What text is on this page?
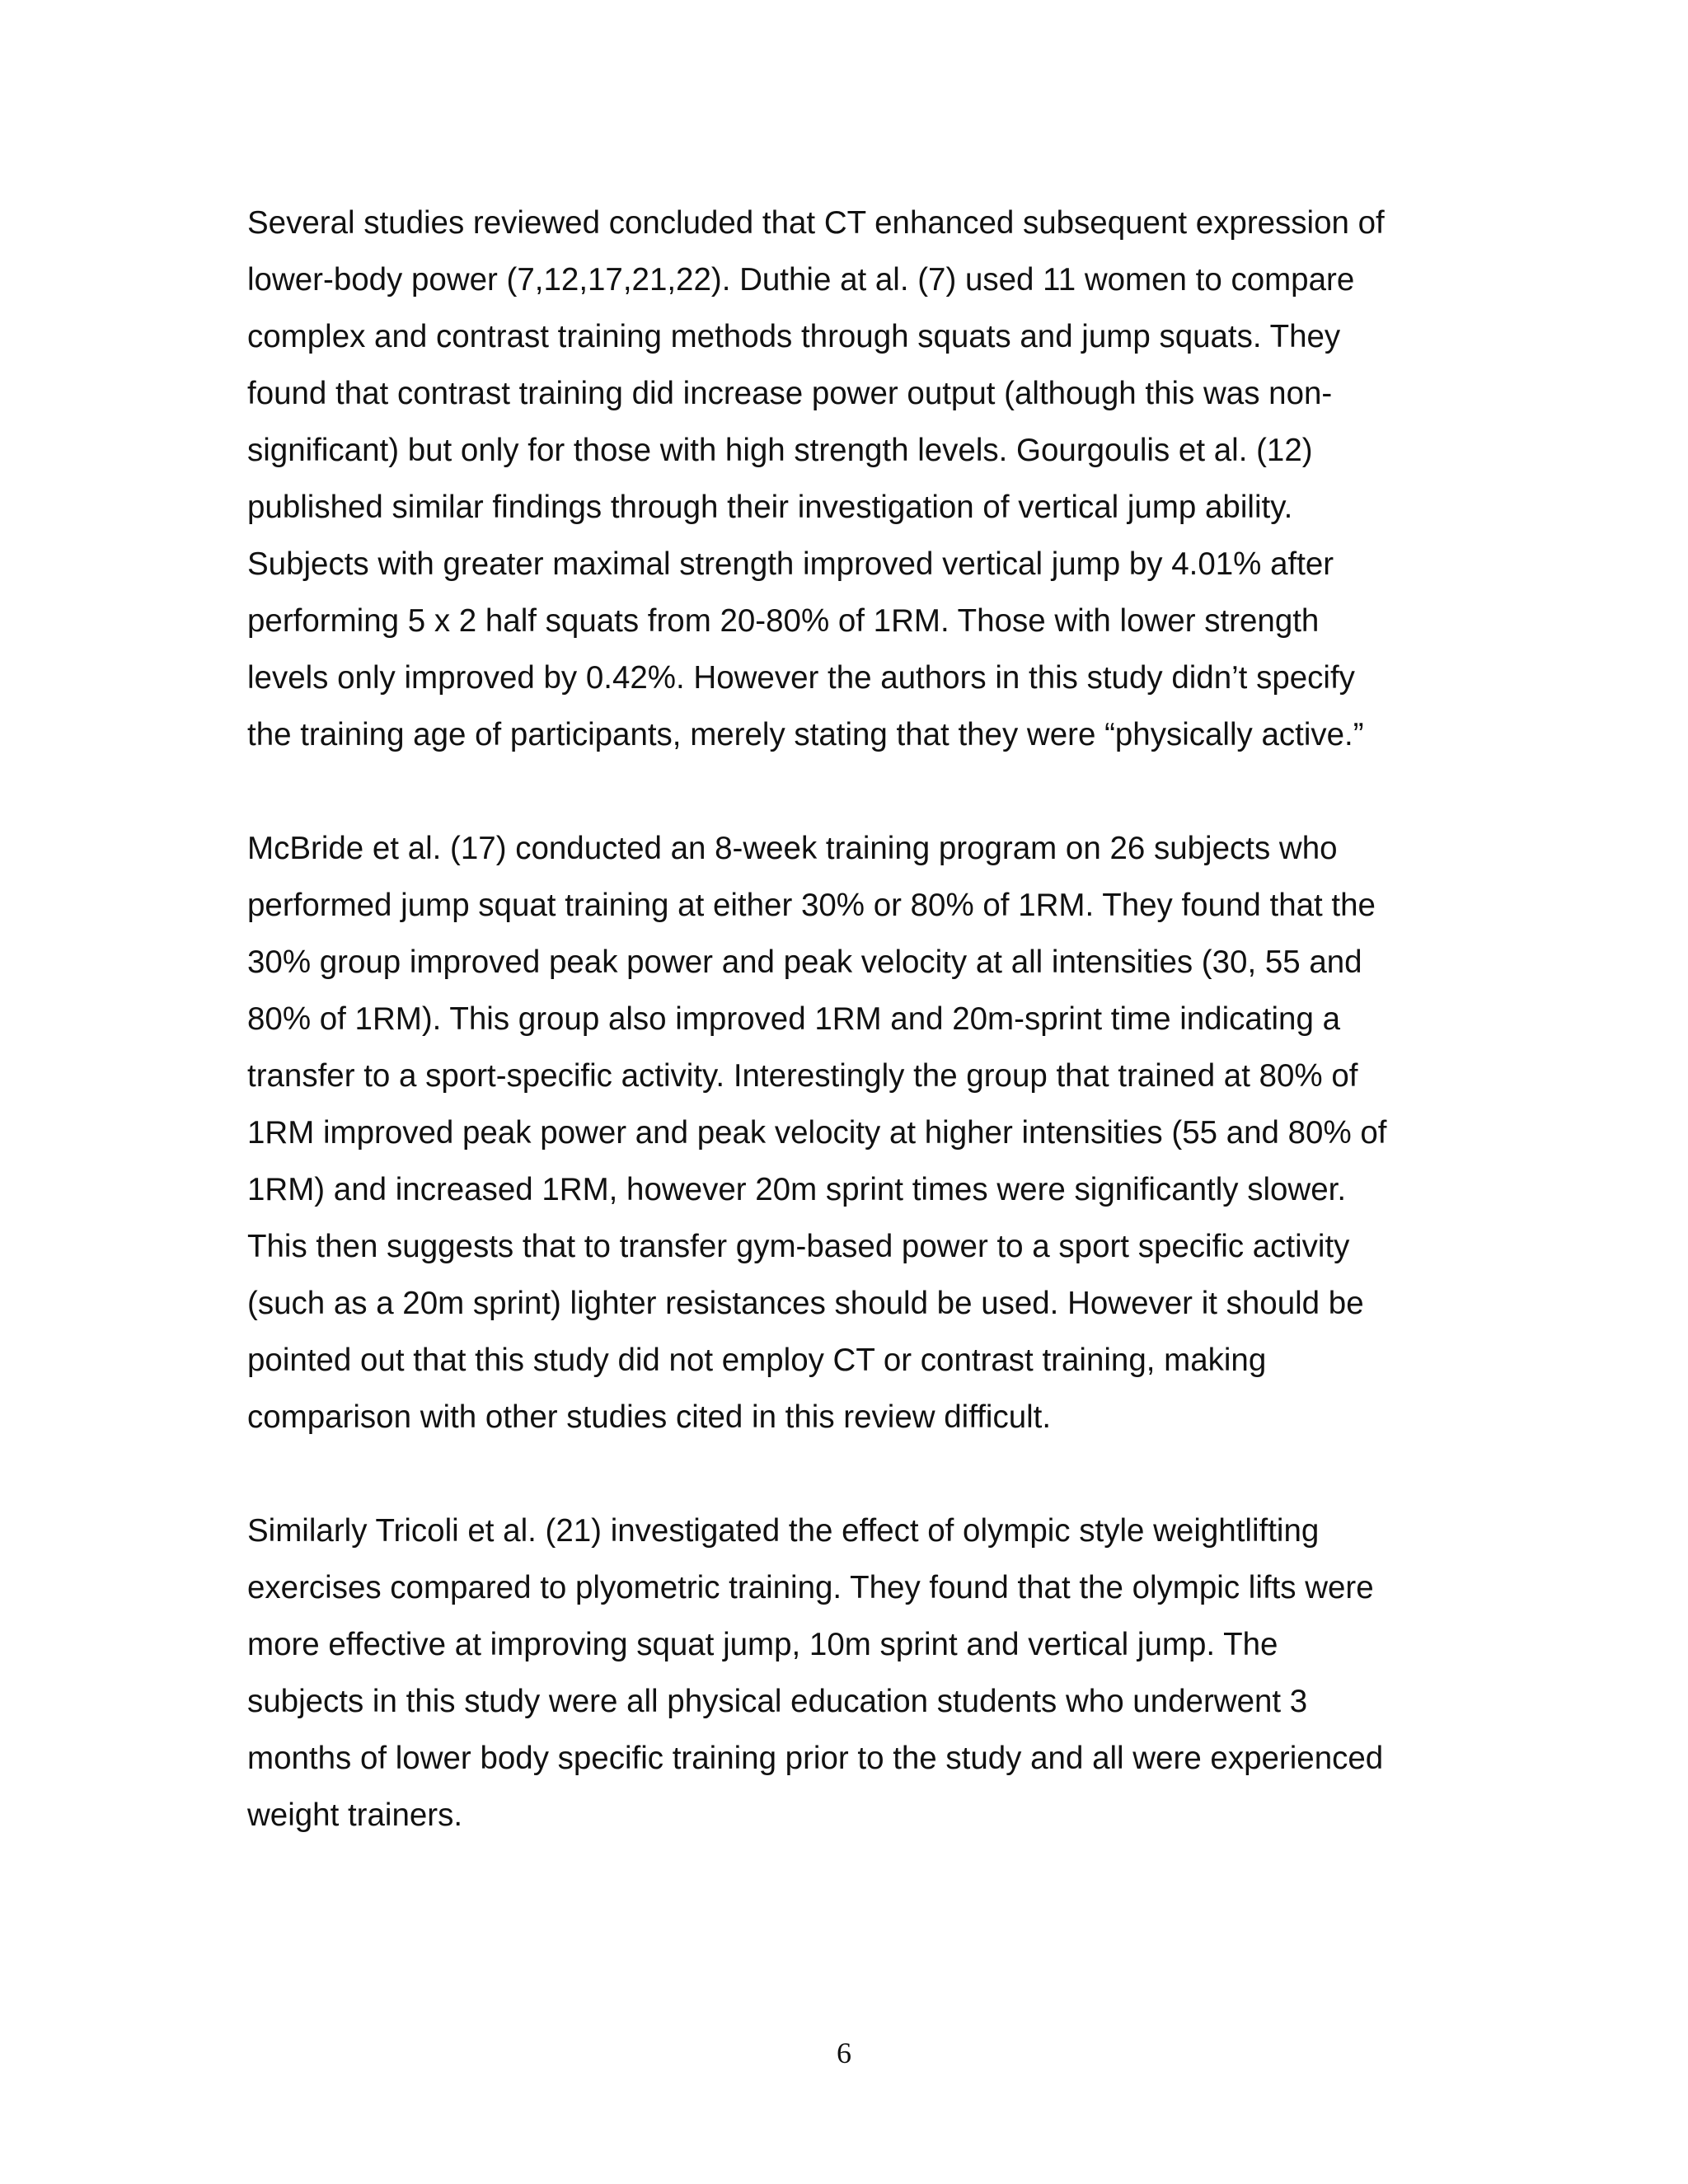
Several studies reviewed concluded that CT enhanced subsequent expression of
lower-body power (7,12,17,21,22). Duthie at al. (7) used 11 women to compare
complex and contrast training methods through squats and jump squats. They
found that contrast training did increase power output (although this was non-
significant) but only for those with high strength levels. Gourgoulis et al. (12)
published similar findings through their investigation of vertical jump ability.
Subjects with greater maximal strength improved vertical jump by 4.01% after
performing 5 x 2 half squats from 20-80% of 1RM. Those with lower strength
levels only improved by 0.42%. However the authors in this study didn’t specify
the training age of participants, merely stating that they were “physically active.”
McBride et al. (17) conducted an 8-week training program on 26 subjects who
performed jump squat training at either 30% or 80% of 1RM. They found that the
30% group improved peak power and peak velocity at all intensities (30, 55 and
80% of 1RM). This group also improved 1RM and 20m-sprint time indicating a
transfer to a sport-specific activity. Interestingly the group that trained at 80% of
1RM improved peak power and peak velocity at higher intensities (55 and 80% of
1RM) and increased 1RM, however 20m sprint times were significantly slower.
This then suggests that to transfer gym-based power to a sport specific activity
(such as a 20m sprint) lighter resistances should be used. However it should be
pointed out that this study did not employ CT or contrast training, making
comparison with other studies cited in this review difficult.
Similarly Tricoli et al. (21) investigated the effect of olympic style weightlifting
exercises compared to plyometric training. They found that the olympic lifts were
more effective at improving squat jump, 10m sprint and vertical jump. The
subjects in this study were all physical education students who underwent 3
months of lower body specific training prior to the study and all were experienced
weight trainers.
6
